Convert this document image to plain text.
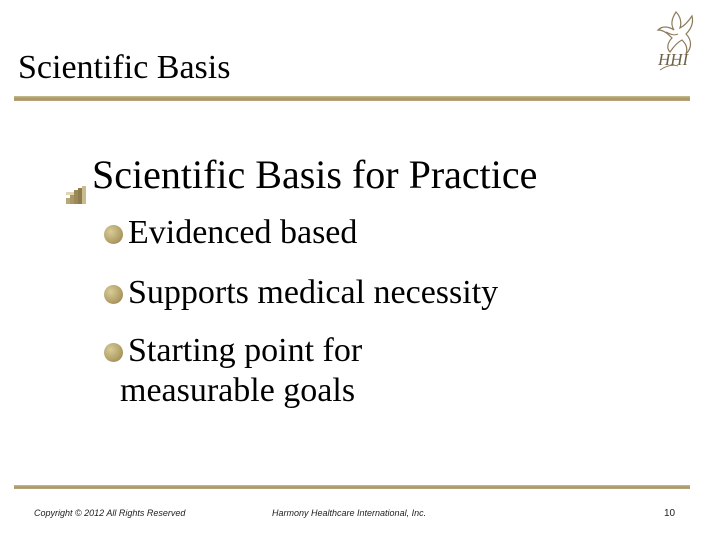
Scientific Basis	HHI
Scientific Basis for Practice
Evidenced based
Supports medical necessity
Starting point for
measurable goals
Copyright © 2012 All Rights Reserved	Harmony Healthcare International, Inc.	10
